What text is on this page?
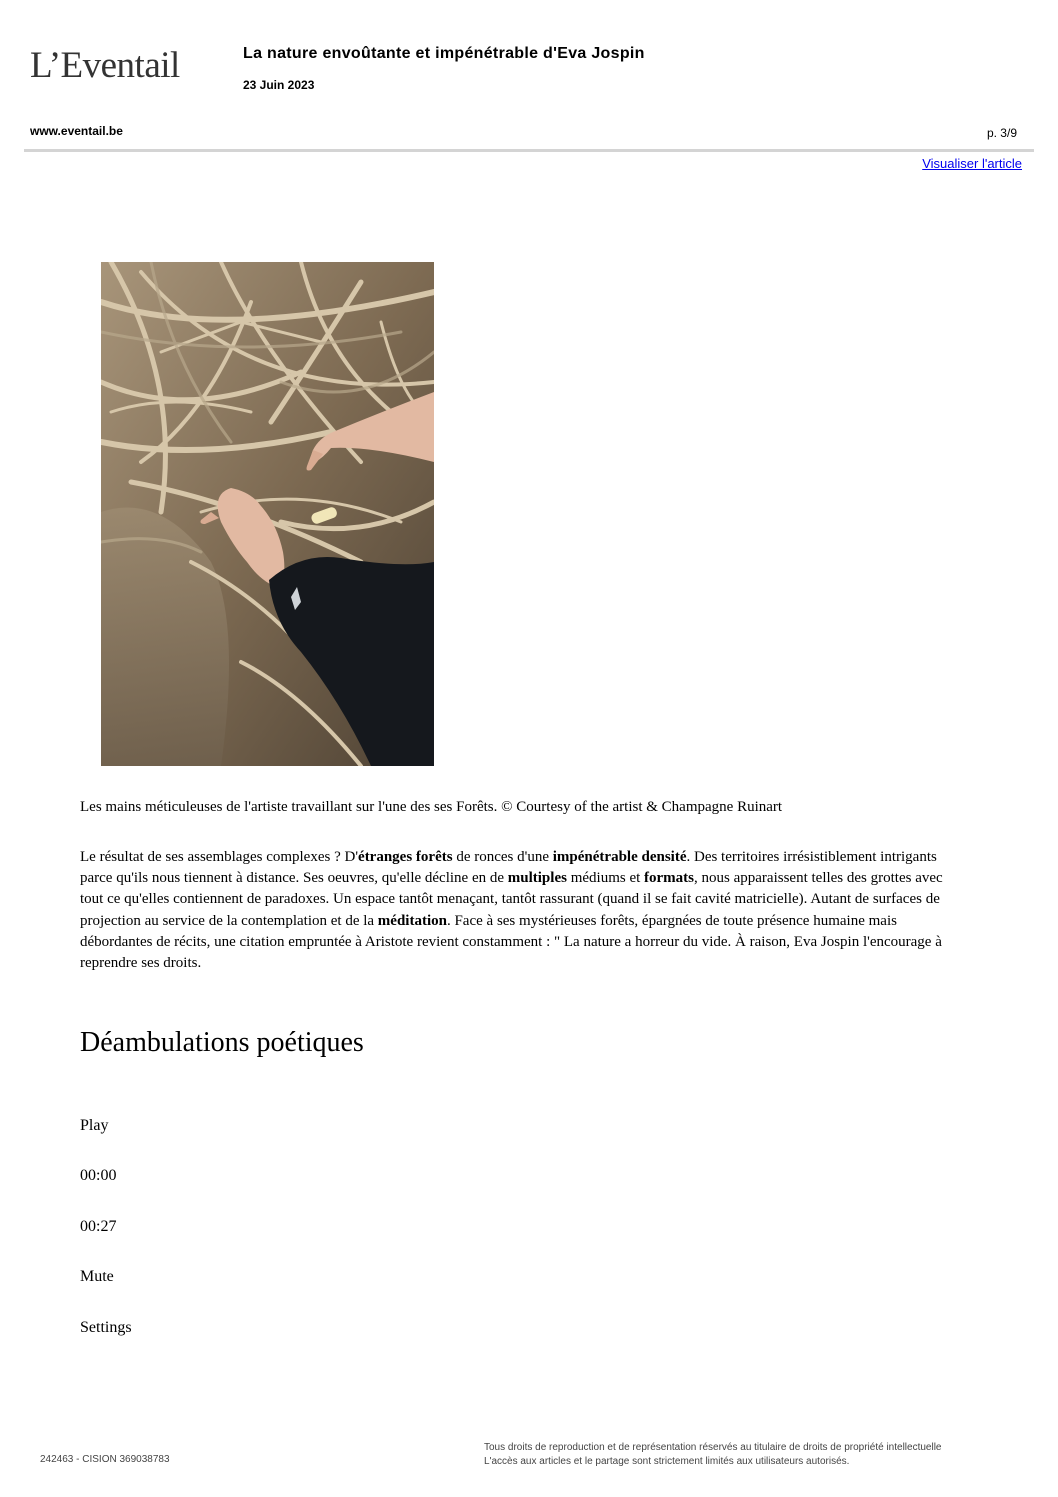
L’Eventail	La nature envoûtante et impénétrable d'Eva Jospin
23 Juin 2023
www.eventail.be	p. 3/9
Visualiser l'article
Les mains méticuleuses de l'artiste travaillant sur l'une des ses Forêts. © Courtesy of the artist & Champagne Ruinart

Le résultat de ses assemblages complexes ? D'étranges forêts de ronces d'une impénétrable densité. Des territoires irrésistiblement intrigants parce qu'ils nous tiennent à distance. Ses oeuvres, qu'elle décline en de multiples médiums et formats, nous apparaissent telles des grottes avec tout ce qu'elles contiennent de paradoxes. Un espace tantôt menaçant, tantôt rassurant (quand il se fait cavité matricielle). Autant de surfaces de projection au service de la contemplation et de la méditation. Face à ses mystérieuses forêts, épargnées de toute présence humaine mais débordantes de récits, une citation empruntée à Aristote revient constamment : " La nature a horreur du vide. À raison, Eva Jospin l'encourage à reprendre ses droits.

Déambulations poétiques
Play
00:00
00:27
Mute
Settings
242463 - CISION 369038783
Tous droits de reproduction et de représentation réservés au titulaire de droits de propriété intellectuelle
L'accès aux articles et le partage sont strictement limités aux utilisateurs autorisés.
